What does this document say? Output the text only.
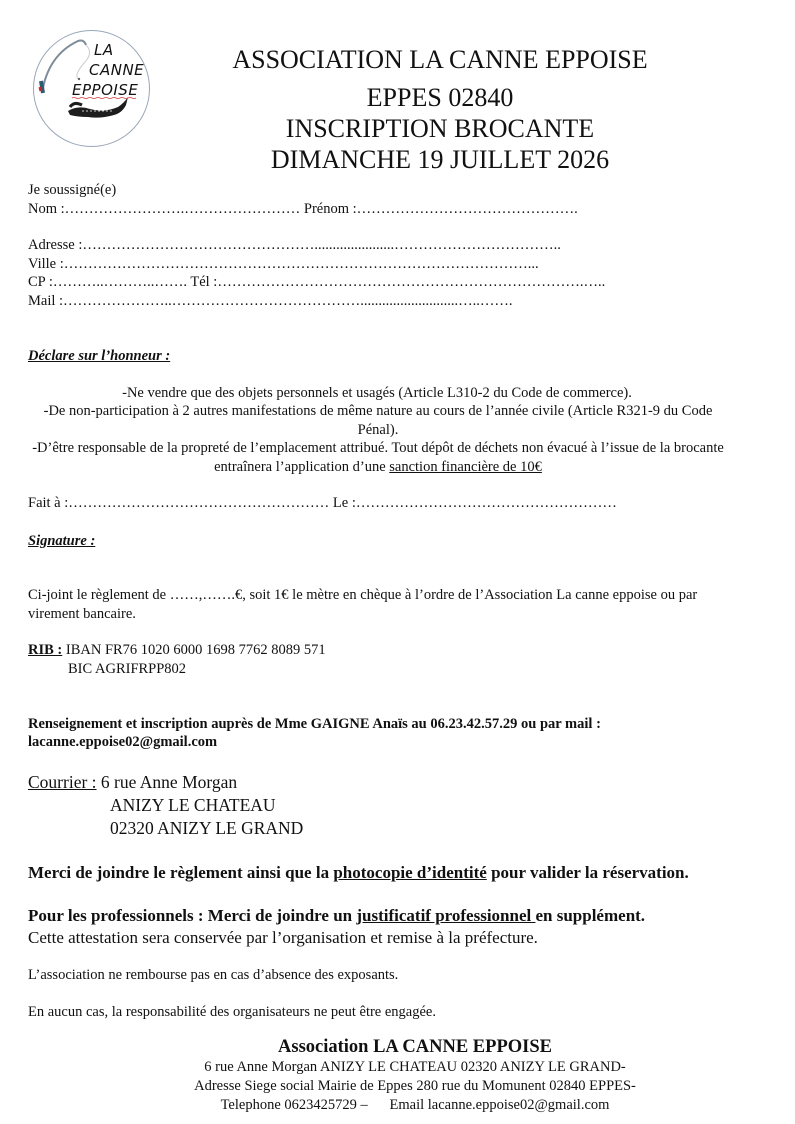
LA
CANNE
EPPOISE
ASSOCIATION LA CANNE EPPOISE
EPPES 02840
INSCRIPTION BROCANTE
DIMANCHE 19 JUILLET 2026
Je soussigné(e)
Nom :…………………….…………………… Prénom :……………………………………….
Adresse :…………………………………………......................……………………………..
Ville :……………………………………………………………………………………...
CP :………..………..……. Tél :………………………………………………………………….…..
Mail :…………………..…………………………………...........................…..…….
Déclare sur l’honneur :
-Ne vendre que des objets personnels et usagés (Article L310-2 du Code de commerce).
-De non-participation à 2 autres manifestations de même nature au cours de l’année civile (Article R321-9 du Code Pénal).
-D’être responsable de la propreté de l’emplacement attribué. Tout dépôt de déchets non évacué à l’issue de la brocante entraînera l’application d’une sanction financière de 10€
Fait à :……………………………………………… Le :………………………………………………
Signature :
Ci-joint le règlement de ……,…….€, soit 1€ le mètre en chèque à l’ordre de l’Association La canne eppoise ou par virement bancaire.
RIB : IBAN FR76 1020 6000 1698 7762 8089 571
BIC AGRIFRPP802
Renseignement et inscription auprès de Mme GAIGNE Anaïs au 06.23.42.57.29 ou par mail :
lacanne.eppoise02@gmail.com
Courrier : 6 rue Anne Morgan
ANIZY LE CHATEAU
02320 ANIZY LE GRAND
Merci de joindre le règlement ainsi que la photocopie d’identité pour valider la réservation.
Pour les professionnels : Merci de joindre un justificatif professionnel en supplément.
Cette attestation sera conservée par l’organisation et remise à la préfecture.
L’association ne rembourse pas en cas d’absence des exposants.
En aucun cas, la responsabilité des organisateurs ne peut être engagée.
Association LA CANNE EPPOISE
6 rue Anne Morgan ANIZY LE CHATEAU 02320 ANIZY LE GRAND-
Adresse Siege social Mairie de Eppes 280 rue du Momunent 02840 EPPES-
Telephone 0623425729 –      Email lacanne.eppoise02@gmail.com
